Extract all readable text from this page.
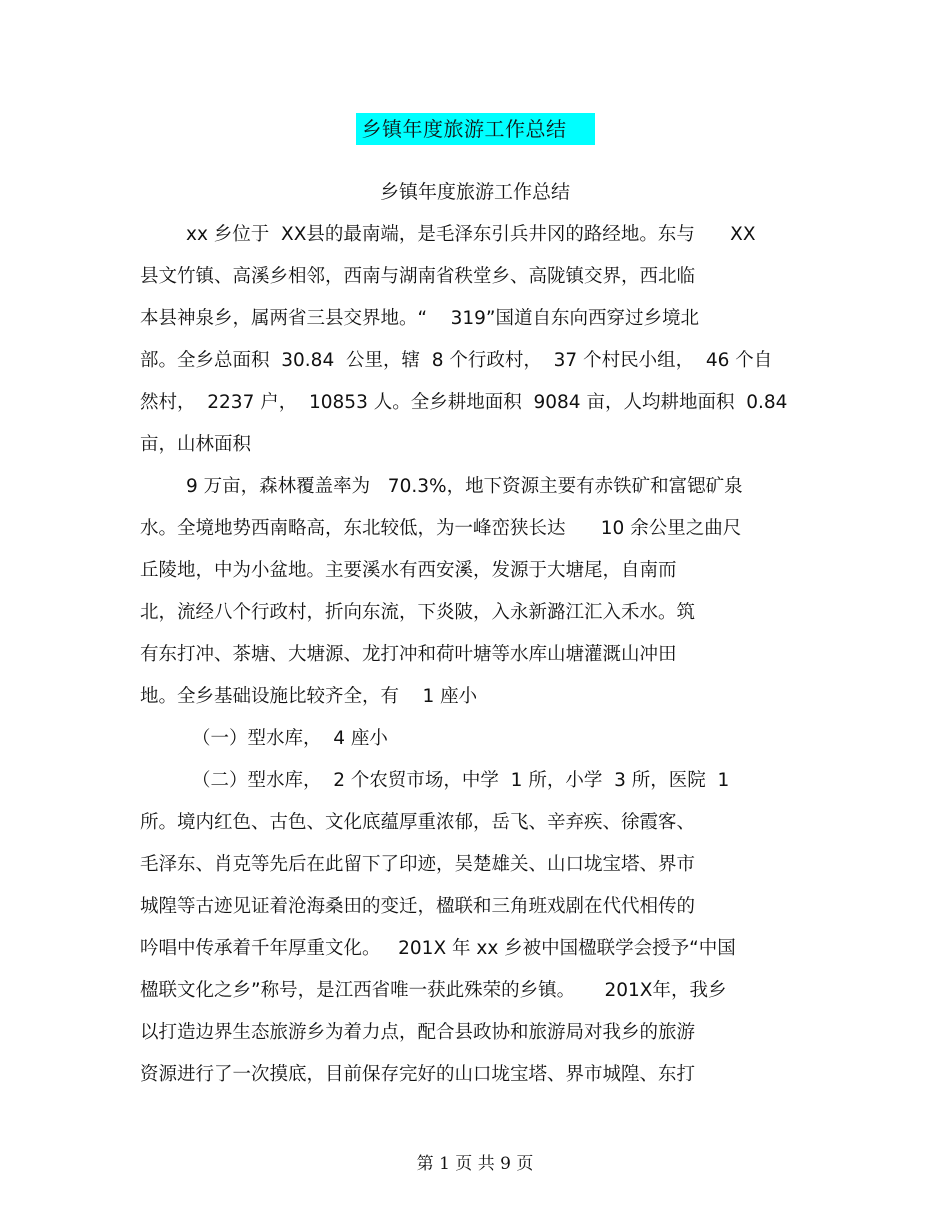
乡镇年度旅游工作总结
乡镇年度旅游工作总结
xx 乡位于  XX县的最南端，是毛泽东引兵井冈的路经地。东与      XX
县文竹镇、高溪乡相邻，西南与湖南省秩堂乡、高陇镇交界，西北临
本县神泉乡，属两省三县交界地。“    319”国道自东向西穿过乡境北
部。全乡总面积  30.84  公里，辖  8 个行政村，  37 个村民小组，  46 个自
然村，  2237 户，  10853 人。全乡耕地面积  9084 亩，人均耕地面积  0.84
亩，山林面积
9 万亩，森林覆盖率为   70.3%，地下资源主要有赤铁矿和富锶矿泉
水。全境地势西南略高，东北较低，为一峰峦狭长达      10 余公里之曲尺
丘陵地，中为小盆地。主要溪水有西安溪，发源于大塘尾，自南而
北，流经八个行政村，折向东流，下炎陂，入永新潞江汇入禾水。筑
有东打冲、茶塘、大塘源、龙打冲和荷叶塘等水库山塘灌溉山冲田
地。全乡基础设施比较齐全，有    1 座小
（一）型水库，  4 座小
（二）型水库，  2 个农贸市场，中学  1 所，小学  3 所，医院  1
所。境内红色、古色、文化底蕴厚重浓郁，岳飞、辛弃疾、徐霞客、
毛泽东、肖克等先后在此留下了印迹，吴楚雄关、山口垅宝塔、界市
城隍等古迹见证着沧海桑田的变迁，楹联和三角班戏剧在代代相传的
吟唱中传承着千年厚重文化。   201X 年 xx 乡被中国楹联学会授予“中国
楹联文化之乡”称号，是江西省唯一获此殊荣的乡镇。     201X年，我乡
以打造边界生态旅游乡为着力点，配合县政协和旅游局对我乡的旅游
资源进行了一次摸底，目前保存完好的山口垅宝塔、界市城隍、东打
第 1 页 共 9 页
